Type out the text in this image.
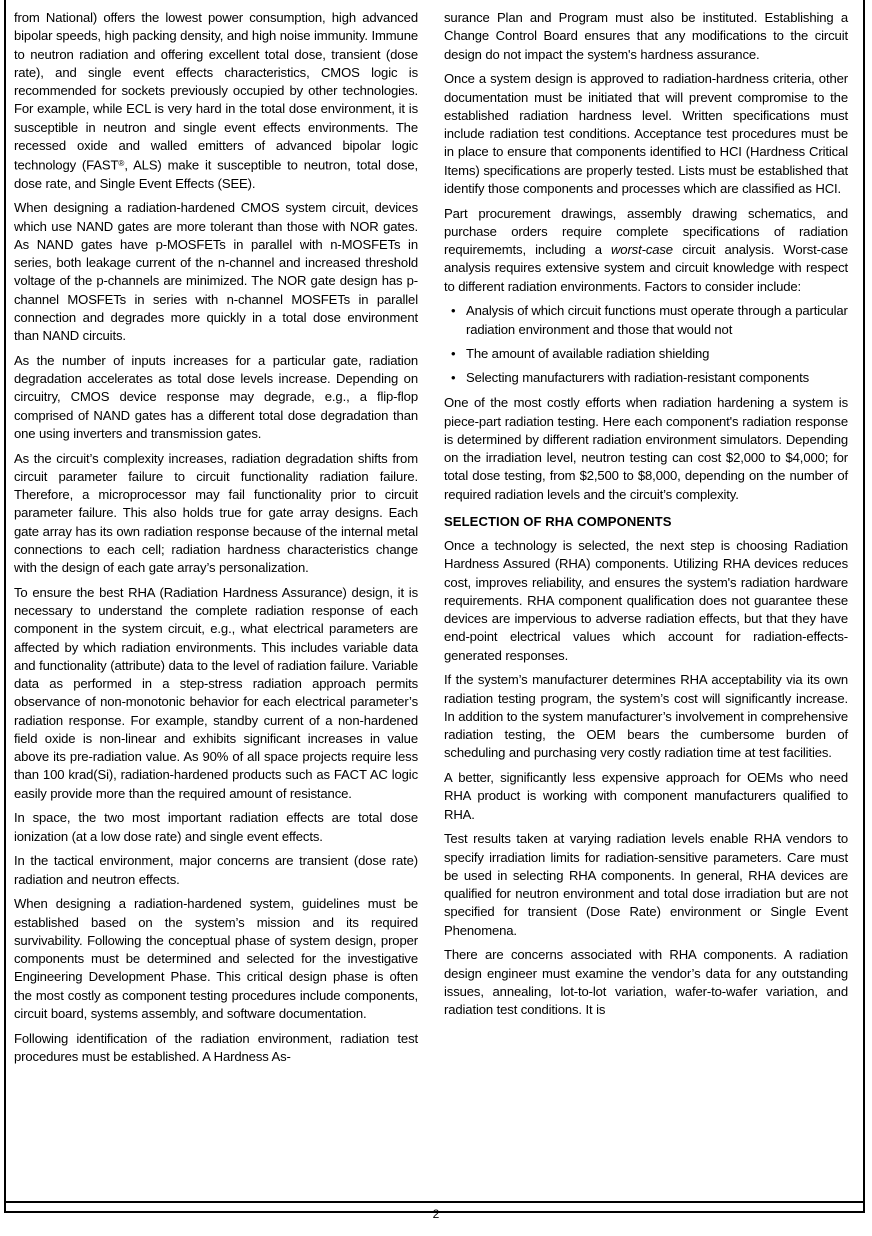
from National) offers the lowest power consumption, high advanced bipolar speeds, high packing density, and high noise immunity. Immune to neutron radiation and offering excellent total dose, transient (dose rate), and single event effects characteristics, CMOS logic is recommended for sockets previously occupied by other technologies. For example, while ECL is very hard in the total dose environment, it is susceptible in neutron and single event effects environments. The recessed oxide and walled emitters of advanced bipolar logic technology (FAST®, ALS) make it susceptible to neutron, total dose, dose rate, and Single Event Effects (SEE).

When designing a radiation-hardened CMOS system circuit, devices which use NAND gates are more tolerant than those with NOR gates. As NAND gates have p-MOSFETs in parallel with n-MOSFETs in series, both leakage current of the n-channel and increased threshold voltage of the p-channels are minimized. The NOR gate design has p-channel MOSFETs in series with n-channel MOSFETs in parallel connection and degrades more quickly in a total dose environment than NAND circuits.

As the number of inputs increases for a particular gate, radiation degradation accelerates as total dose levels increase. Depending on circuitry, CMOS device response may degrade, e.g., a flip-flop comprised of NAND gates has a different total dose degradation than one using inverters and transmission gates.

As the circuit’s complexity increases, radiation degradation shifts from circuit parameter failure to circuit functionality radiation failure. Therefore, a microprocessor may fail functionality prior to circuit parameter failure. This also holds true for gate array designs. Each gate array has its own radiation response because of the internal metal connections to each cell; radiation hardness characteristics change with the design of each gate array’s personalization.

To ensure the best RHA (Radiation Hardness Assurance) design, it is necessary to understand the complete radiation response of each component in the system circuit, e.g., what electrical parameters are affected by which radiation environments. This includes variable data and functionality (attribute) data to the level of radiation failure. Variable data as performed in a step-stress radiation approach permits observance of non-monotonic behavior for each electrical parameter’s radiation response. For example, standby current of a non-hardened field oxide is non-linear and exhibits significant increases in value above its pre-radiation value. As 90% of all space projects require less than 100 krad(Si), radiation-hardened products such as FACT AC logic easily provide more than the required amount of resistance.

In space, the two most important radiation effects are total dose ionization (at a low dose rate) and single event effects.

In the tactical environment, major concerns are transient (dose rate) radiation and neutron effects.

When designing a radiation-hardened system, guidelines must be established based on the system’s mission and its required survivability. Following the conceptual phase of system design, proper components must be determined and selected for the investigative Engineering Development Phase. This critical design phase is often the most costly as component testing procedures include components, circuit board, systems assembly, and software documentation.

Following identification of the radiation environment, radiation test procedures must be established. A Hardness As-

surance Plan and Program must also be instituted. Establishing a Change Control Board ensures that any modifications to the circuit design do not impact the system's hardness assurance.

Once a system design is approved to radiation-hardness criteria, other documentation must be initiated that will prevent compromise to the established radiation hardness level. Written specifications must include radiation test conditions. Acceptance test procedures must be in place to ensure that components identified to HCI (Hardness Critical Items) specifications are properly tested. Lists must be established that identify those components and processes which are classified as HCI.

Part procurement drawings, assembly drawing schematics, and purchase orders require complete specifications of radiation requirememts, including a worst-case circuit analysis. Worst-case analysis requires extensive system and circuit knowledge with respect to different radiation environments. Factors to consider include:

• Analysis of which circuit functions must operate through a particular radiation environment and those that would not
• The amount of available radiation shielding
• Selecting manufacturers with radiation-resistant components

One of the most costly efforts when radiation hardening a system is piece-part radiation testing. Here each component's radiation response is determined by different radiation environment simulators. Depending on the irradiation level, neutron testing can cost $2,000 to $4,000; for total dose testing, from $2,500 to $8,000, depending on the number of required radiation levels and the circuit’s complexity.

SELECTION OF RHA COMPONENTS

Once a technology is selected, the next step is choosing Radiation Hardness Assured (RHA) components. Utilizing RHA devices reduces cost, improves reliability, and ensures the system's radiation hardware requirements. RHA component qualification does not guarantee these devices are impervious to adverse radiation effects, but that they have end-point electrical values which account for radiation-effects-generated responses.

If the system’s manufacturer determines RHA acceptability via its own radiation testing program, the system’s cost will significantly increase. In addition to the system manufacturer’s involvement in comprehensive radiation testing, the OEM bears the cumbersome burden of scheduling and purchasing very costly radiation time at test facilities.

A better, significantly less expensive approach for OEMs who need RHA product is working with component manufacturers qualified to RHA.

Test results taken at varying radiation levels enable RHA vendors to specify irradiation limits for radiation-sensitive parameters. Care must be used in selecting RHA components. In general, RHA devices are qualified for neutron environment and total dose irradiation but are not specified for transient (Dose Rate) environment or Single Event Phenomena.

There are concerns associated with RHA components. A radiation design engineer must examine the vendor’s data for any outstanding issues, annealing, lot-to-lot variation, wafer-to-wafer variation, and radiation test conditions. It is

2
